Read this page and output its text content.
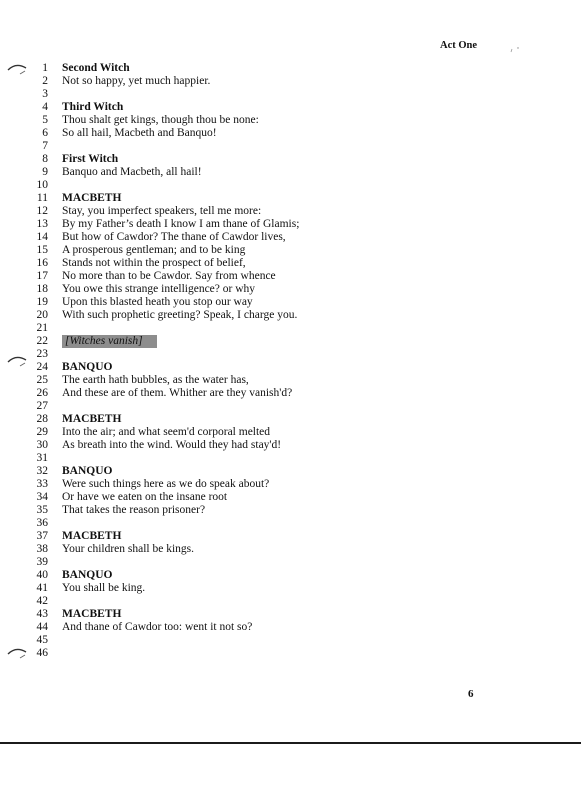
Act One
1 Second Witch
2 Not so happy, yet much happier.
3
4 Third Witch
5 Thou shalt get kings, though thou be none:
6 So all hail, Macbeth and Banquo!
7
8 First Witch
9 Banquo and Macbeth, all hail!
10
11 MACBETH
12 Stay, you imperfect speakers, tell me more:
13 By my Father’s death I know I am thane of Glamis;
14 But how of Cawdor? The thane of Cawdor lives,
15 A prosperous gentleman; and to be king
16 Stands not within the prospect of belief,
17 No more than to be Cawdor. Say from whence
18 You owe this strange intelligence? or why
19 Upon this blasted heath you stop our way
20 With such prophetic greeting? Speak, I charge you.
21
22 [Witches vanish]
23
24 BANQUO
25 The earth hath bubbles, as the water has,
26 And these are of them. Whither are they vanish'd?
27
28 MACBETH
29 Into the air; and what seem'd corporal melted
30 As breath into the wind. Would they had stay'd!
31
32 BANQUO
33 Were such things here as we do speak about?
34 Or have we eaten on the insane root
35 That takes the reason prisoner?
36
37 MACBETH
38 Your children shall be kings.
39
40 BANQUO
41 You shall be king.
42
43 MACBETH
44 And thane of Cawdor too: went it not so?
45
46
6
